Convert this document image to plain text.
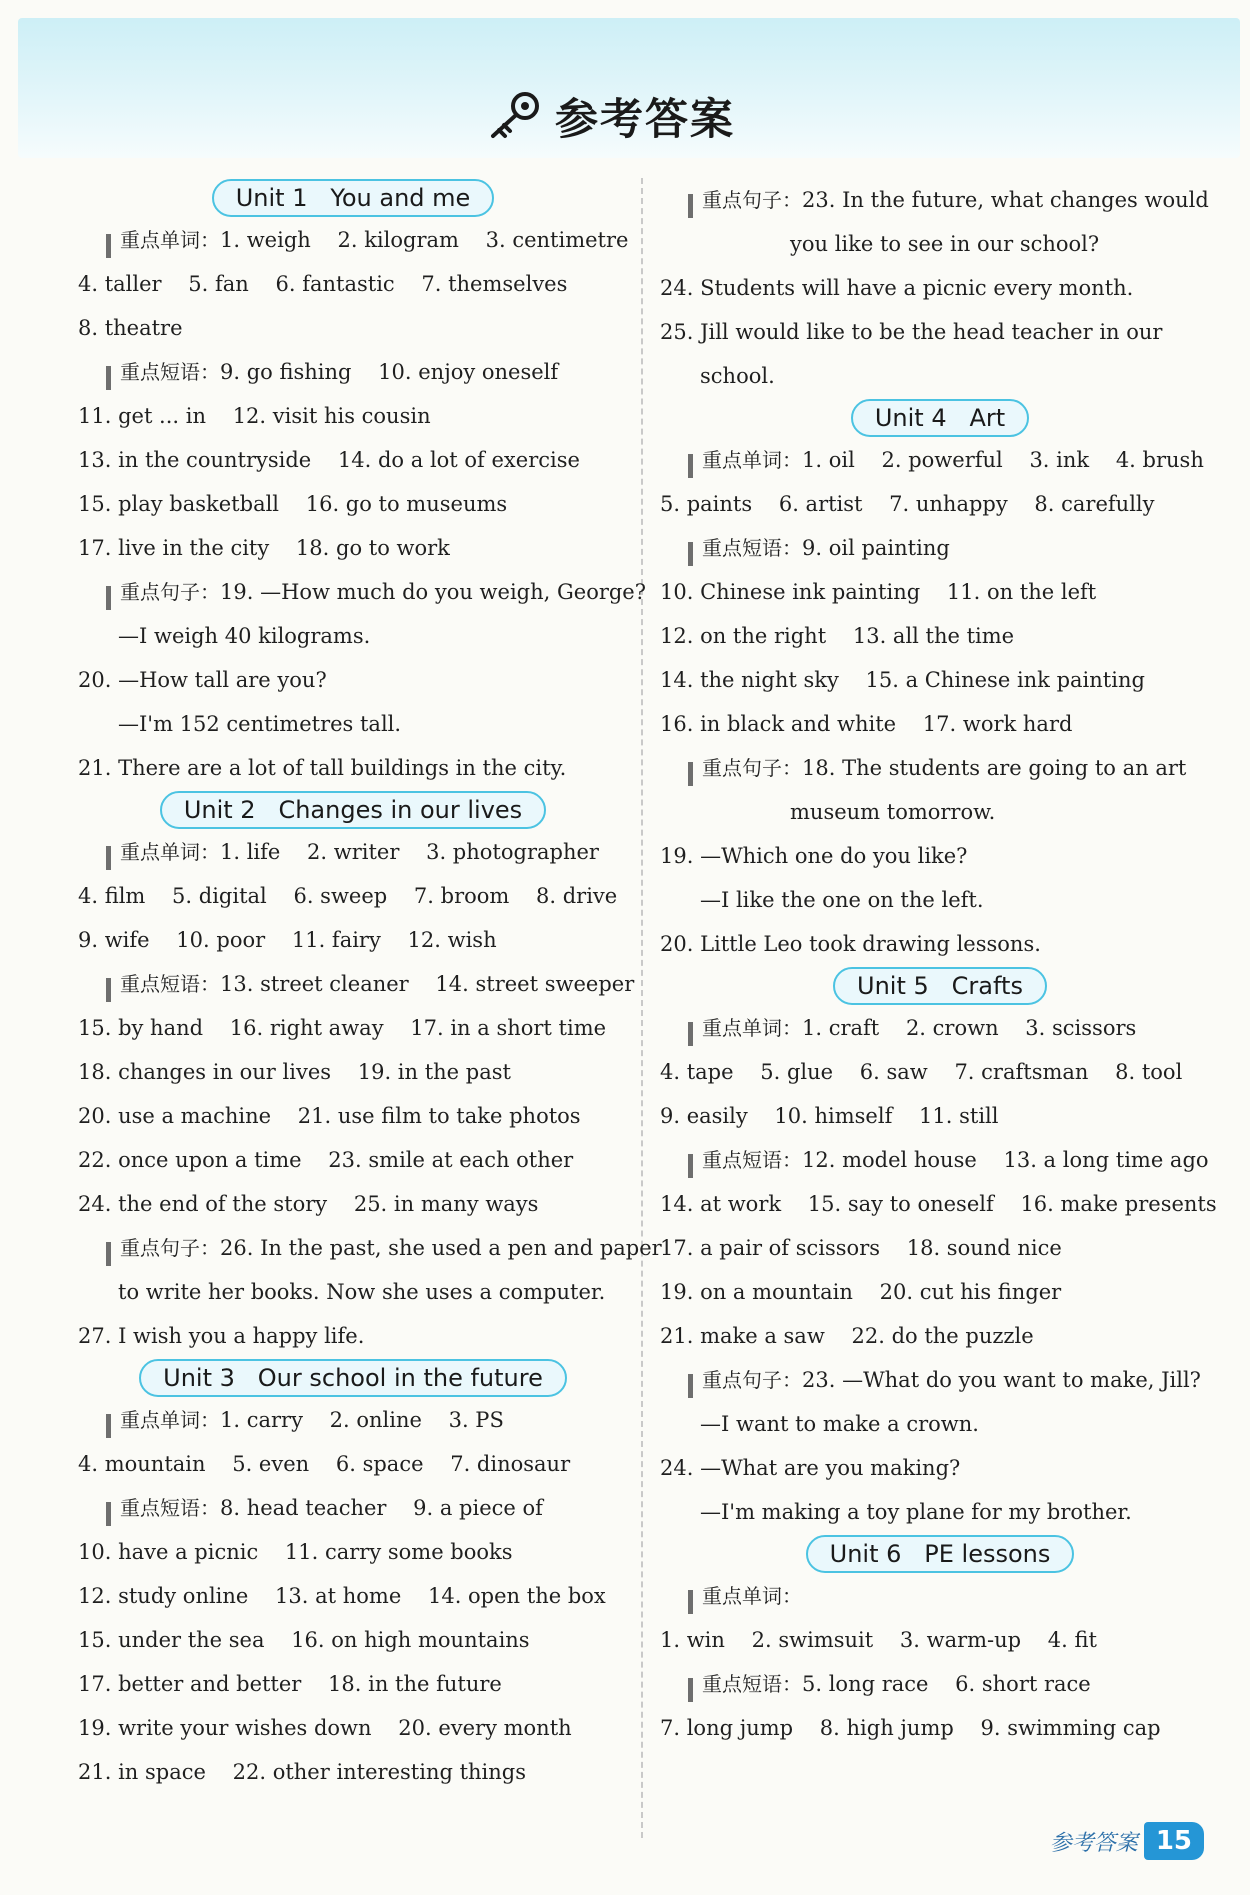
参考答案
Unit 1   You and me
重点单词：1. weigh    2. kilogram    3. centimetre
4. taller    5. fan    6. fantastic    7. themselves
8. theatre
重点短语：9. go fishing    10. enjoy oneself
11. get ... in    12. visit his cousin
13. in the countryside    14. do a lot of exercise
15. play basketball    16. go to museums
17. live in the city    18. go to work
重点句子：19. —How much do you weigh, George?
—I weigh 40 kilograms.
20. —How tall are you?
—I'm 152 centimetres tall.
21. There are a lot of tall buildings in the city.
Unit 2   Changes in our lives
重点单词：1. life    2. writer    3. photographer
4. film    5. digital    6. sweep    7. broom    8. drive
9. wife    10. poor    11. fairy    12. wish
重点短语：13. street cleaner    14. street sweeper
15. by hand    16. right away    17. in a short time
18. changes in our lives    19. in the past
20. use a machine    21. use film to take photos
22. once upon a time    23. smile at each other
24. the end of the story    25. in many ways
重点句子：26. In the past, she used a pen and paper
to write her books. Now she uses a computer.
27. I wish you a happy life.
Unit 3   Our school in the future
重点单词：1. carry    2. online    3. PS
4. mountain    5. even    6. space    7. dinosaur
重点短语：8. head teacher    9. a piece of
10. have a picnic    11. carry some books
12. study online    13. at home    14. open the box
15. under the sea    16. on high mountains
17. better and better    18. in the future
19. write your wishes down    20. every month
21. in space    22. other interesting things
重点句子：23. In the future, what changes would
you like to see in our school?
24. Students will have a picnic every month.
25. Jill would like to be the head teacher in our
school.
Unit 4   Art
重点单词：1. oil    2. powerful    3. ink    4. brush
5. paints    6. artist    7. unhappy    8. carefully
重点短语：9. oil painting
10. Chinese ink painting    11. on the left
12. on the right    13. all the time
14. the night sky    15. a Chinese ink painting
16. in black and white    17. work hard
重点句子：18. The students are going to an art
museum tomorrow.
19. —Which one do you like?
—I like the one on the left.
20. Little Leo took drawing lessons.
Unit 5   Crafts
重点单词：1. craft    2. crown    3. scissors
4. tape    5. glue    6. saw    7. craftsman    8. tool
9. easily    10. himself    11. still
重点短语：12. model house    13. a long time ago
14. at work    15. say to oneself    16. make presents
17. a pair of scissors    18. sound nice
19. on a mountain    20. cut his finger
21. make a saw    22. do the puzzle
重点句子：23. —What do you want to make, Jill?
—I want to make a crown.
24. —What are you making?
—I'm making a toy plane for my brother.
Unit 6   PE lessons
重点单词：
1. win    2. swimsuit    3. warm-up    4. fit
重点短语：5. long race    6. short race
7. long jump    8. high jump    9. swimming cap
参考答案 15
